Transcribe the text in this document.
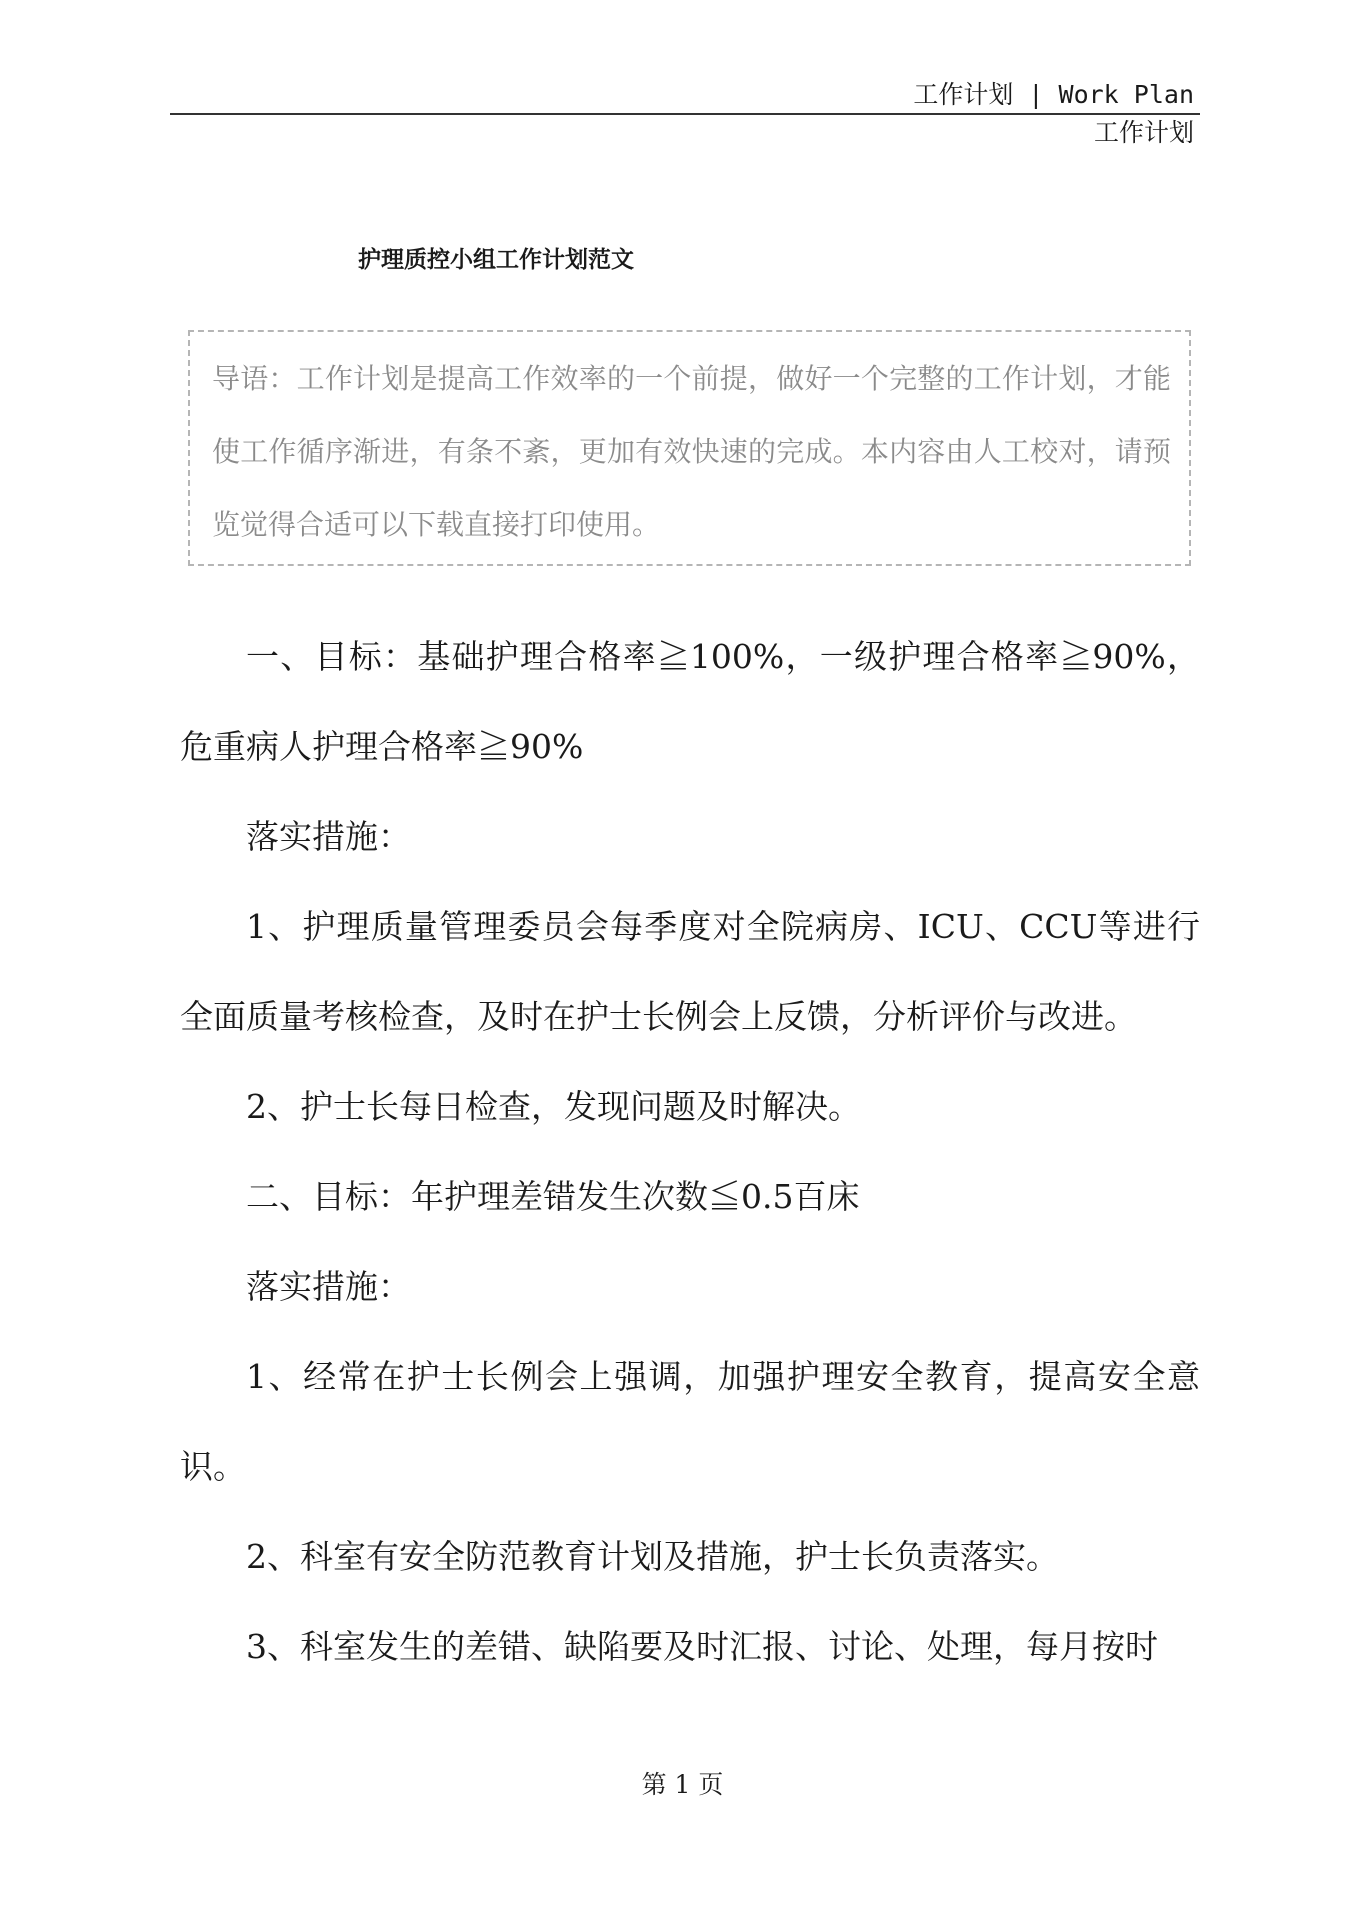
工作计划 | Work Plan
工作计划
护理质控小组工作计划范文

导语：工作计划是提高工作效率的一个前提，做好一个完整的工作计划，才能使工作循序渐进，有条不紊，更加有效快速的完成。本内容由人工校对，请预览觉得合适可以下载直接打印使用。

一、目标：基础护理合格率≧100%，一级护理合格率≧90%，危重病人护理合格率≧90%

落实措施：

1、护理质量管理委员会每季度对全院病房、ICU、CCU等进行全面质量考核检查，及时在护士长例会上反馈，分析评价与改进。

2、护士长每日检查，发现问题及时解决。

二、目标：年护理差错发生次数≦0.5百床

落实措施：

1、经常在护士长例会上强调，加强护理安全教育，提高安全意识。

2、科室有安全防范教育计划及措施，护士长负责落实。

3、科室发生的差错、缺陷要及时汇报、讨论、处理，每月按时

第 1 页
